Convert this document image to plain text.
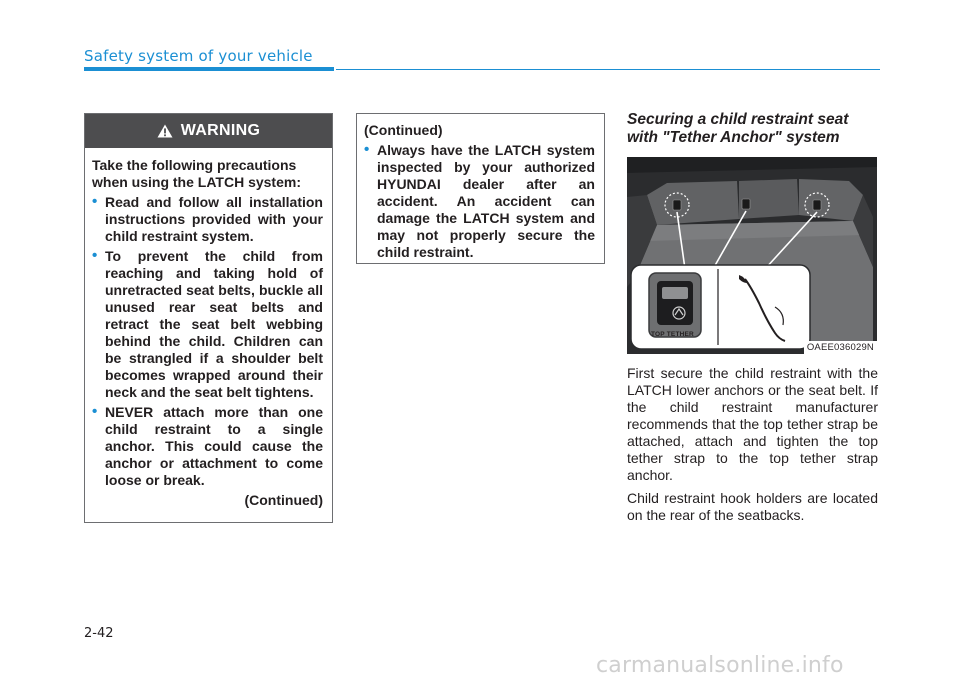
Safety system of your vehicle
WARNING
Take the following precautions when using the LATCH system:
• Read and follow all installation instructions provided with your child restraint system.
• To prevent the child from reaching and taking hold of unretracted seat belts, buckle all unused rear seat belts and retract the seat belt webbing behind the child. Children can be strangled if a shoulder belt becomes wrapped around their neck and the seat belt tightens.
• NEVER attach more than one child restraint to a single anchor. This could cause the anchor or attachment to come loose or break.
(Continued)
(Continued)
• Always have the LATCH system inspected by your authorized HYUNDAI dealer after an accident. An accident can damage the LATCH system and may not properly secure the child restraint.
Securing a child restraint seat with "Tether Anchor" system
TOP TETHER
OAEE036029N

First secure the child restraint with the LATCH lower anchors or the seat belt. If the child restraint manufacturer recommends that the top tether strap be attached, attach and tighten the top tether strap to the top tether strap anchor.

Child restraint hook holders are located on the rear of the seatbacks.

2-42
carmanualsonline.info
